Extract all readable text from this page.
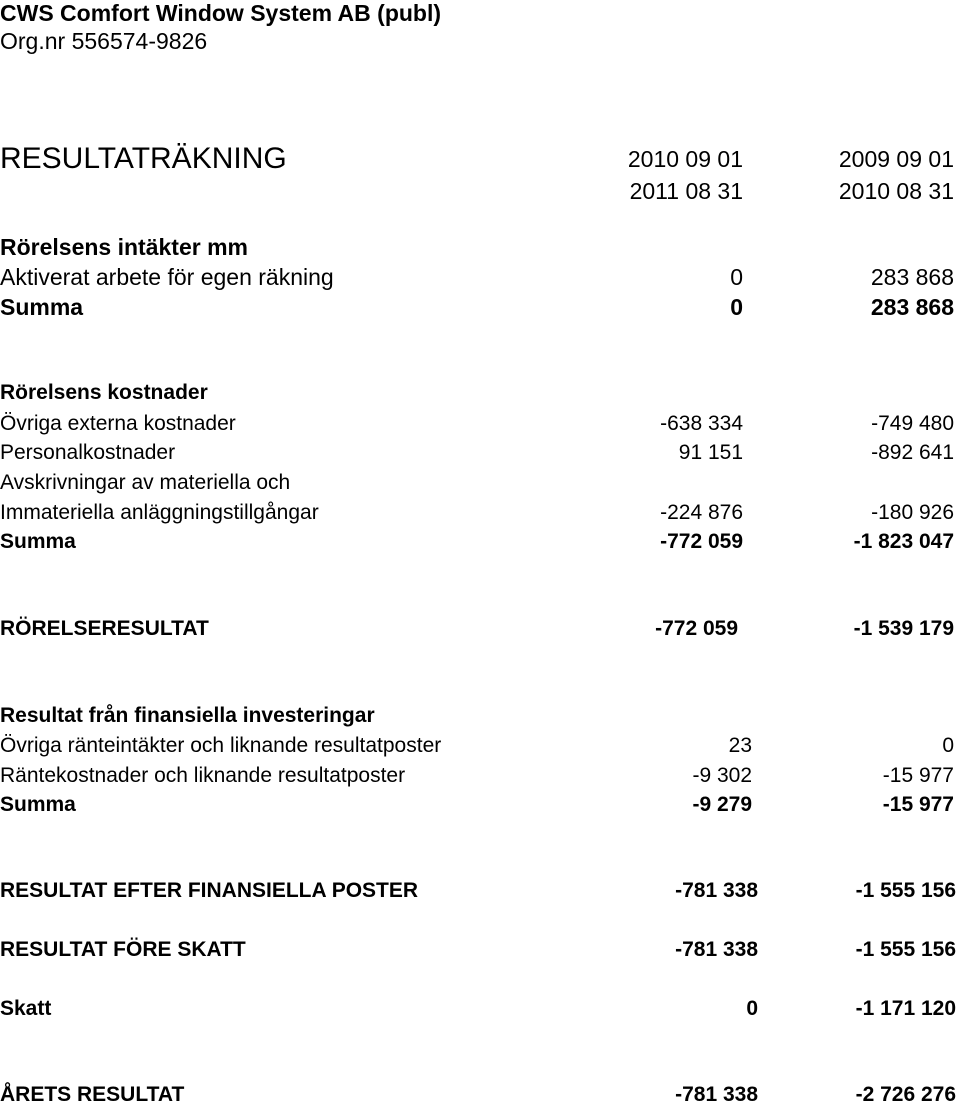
CWS Comfort Window System AB (publ)
Org.nr 556574-9826
RESULTATRÄKNING	2010 09 01	2009 09 01
2011 08 31	2010 08 31
Rörelsens intäkter mm
Aktiverat arbete för egen räkning	0	283 868
Summa	0	283 868
Rörelsens kostnader
Övriga externa kostnader	-638 334	-749 480
Personalkostnader	91 151	-892 641
Avskrivningar av materiella och
Immateriella anläggningstillgångar	-224 876	-180 926
Summa	-772 059	-1 823 047
RÖRELSERESULTAT	-772 059	-1 539 179
Resultat från finansiella investeringar
Övriga ränteintäkter och liknande resultatposter	23	0
Räntekostnader och liknande resultatposter	-9 302	-15 977
Summa	-9 279	-15 977
RESULTAT EFTER FINANSIELLA POSTER	-781 338	-1 555 156
RESULTAT FÖRE SKATT	-781 338	-1 555 156
Skatt	0	-1 171 120
ÅRETS RESULTAT	-781 338	-2 726 276
